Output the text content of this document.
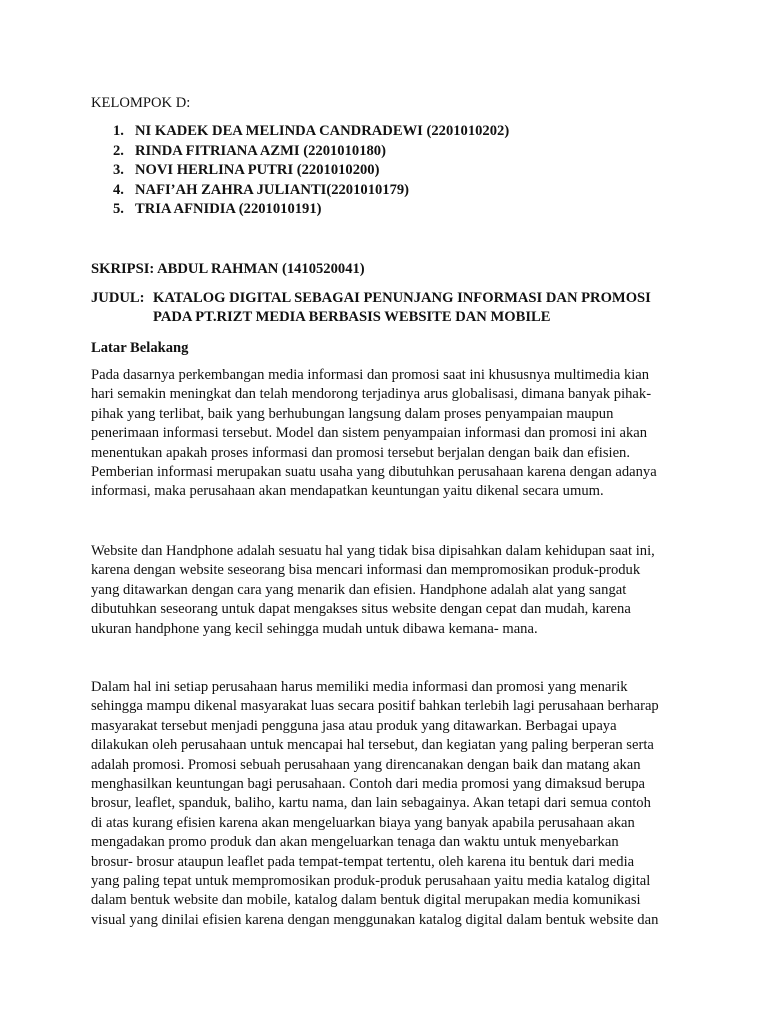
KELOMPOK D:
1. NI KADEK DEA MELINDA CANDRADEWI (2201010202)
2. RINDA FITRIANA AZMI (2201010180)
3. NOVI HERLINA PUTRI (2201010200)
4. NAFI’AH ZAHRA JULIANTI(2201010179)
5. TRIA AFNIDIA (2201010191)
SKRIPSI: ABDUL RAHMAN (1410520041)
JUDUL: KATALOG DIGITAL SEBAGAI PENUNJANG INFORMASI DAN PROMOSI
PADA PT.RIZT MEDIA BERBASIS WEBSITE DAN MOBILE
Latar Belakang

Pada dasarnya perkembangan media informasi dan promosi saat ini khususnya multimedia kian
hari semakin meningkat dan telah mendorong terjadinya arus globalisasi, dimana banyak pihak-
pihak yang terlibat, baik yang berhubungan langsung dalam proses penyampaian maupun
penerimaan informasi tersebut. Model dan sistem penyampaian informasi dan promosi ini akan
menentukan apakah proses informasi dan promosi tersebut berjalan dengan baik dan efisien.
Pemberian informasi merupakan suatu usaha yang dibutuhkan perusahaan karena dengan adanya
informasi, maka perusahaan akan mendapatkan keuntungan yaitu dikenal secara umum.

Website dan Handphone adalah sesuatu hal yang tidak bisa dipisahkan dalam kehidupan saat ini,
karena dengan website seseorang bisa mencari informasi dan mempromosikan produk-produk
yang ditawarkan dengan cara yang menarik dan efisien. Handphone adalah alat yang sangat
dibutuhkan seseorang untuk dapat mengakses situs website dengan cepat dan mudah, karena
ukuran handphone yang kecil sehingga mudah untuk dibawa kemana- mana.

Dalam hal ini setiap perusahaan harus memiliki media informasi dan promosi yang menarik
sehingga mampu dikenal masyarakat luas secara positif bahkan terlebih lagi perusahaan berharap
masyarakat tersebut menjadi pengguna jasa atau produk yang ditawarkan. Berbagai upaya
dilakukan oleh perusahaan untuk mencapai hal tersebut, dan kegiatan yang paling berperan serta
adalah promosi. Promosi sebuah perusahaan yang direncanakan dengan baik dan matang akan
menghasilkan keuntungan bagi perusahaan. Contoh dari media promosi yang dimaksud berupa
brosur, leaflet, spanduk, baliho, kartu nama, dan lain sebagainya. Akan tetapi dari semua contoh
di atas kurang efisien karena akan mengeluarkan biaya yang banyak apabila perusahaan akan
mengadakan promo produk dan akan mengeluarkan tenaga dan waktu untuk menyebarkan
brosur- brosur ataupun leaflet pada tempat-tempat tertentu, oleh karena itu bentuk dari media
yang paling tepat untuk mempromosikan produk-produk perusahaan yaitu media katalog digital
dalam bentuk website dan mobile, katalog dalam bentuk digital merupakan media komunikasi
visual yang dinilai efisien karena dengan menggunakan katalog digital dalam bentuk website dan
